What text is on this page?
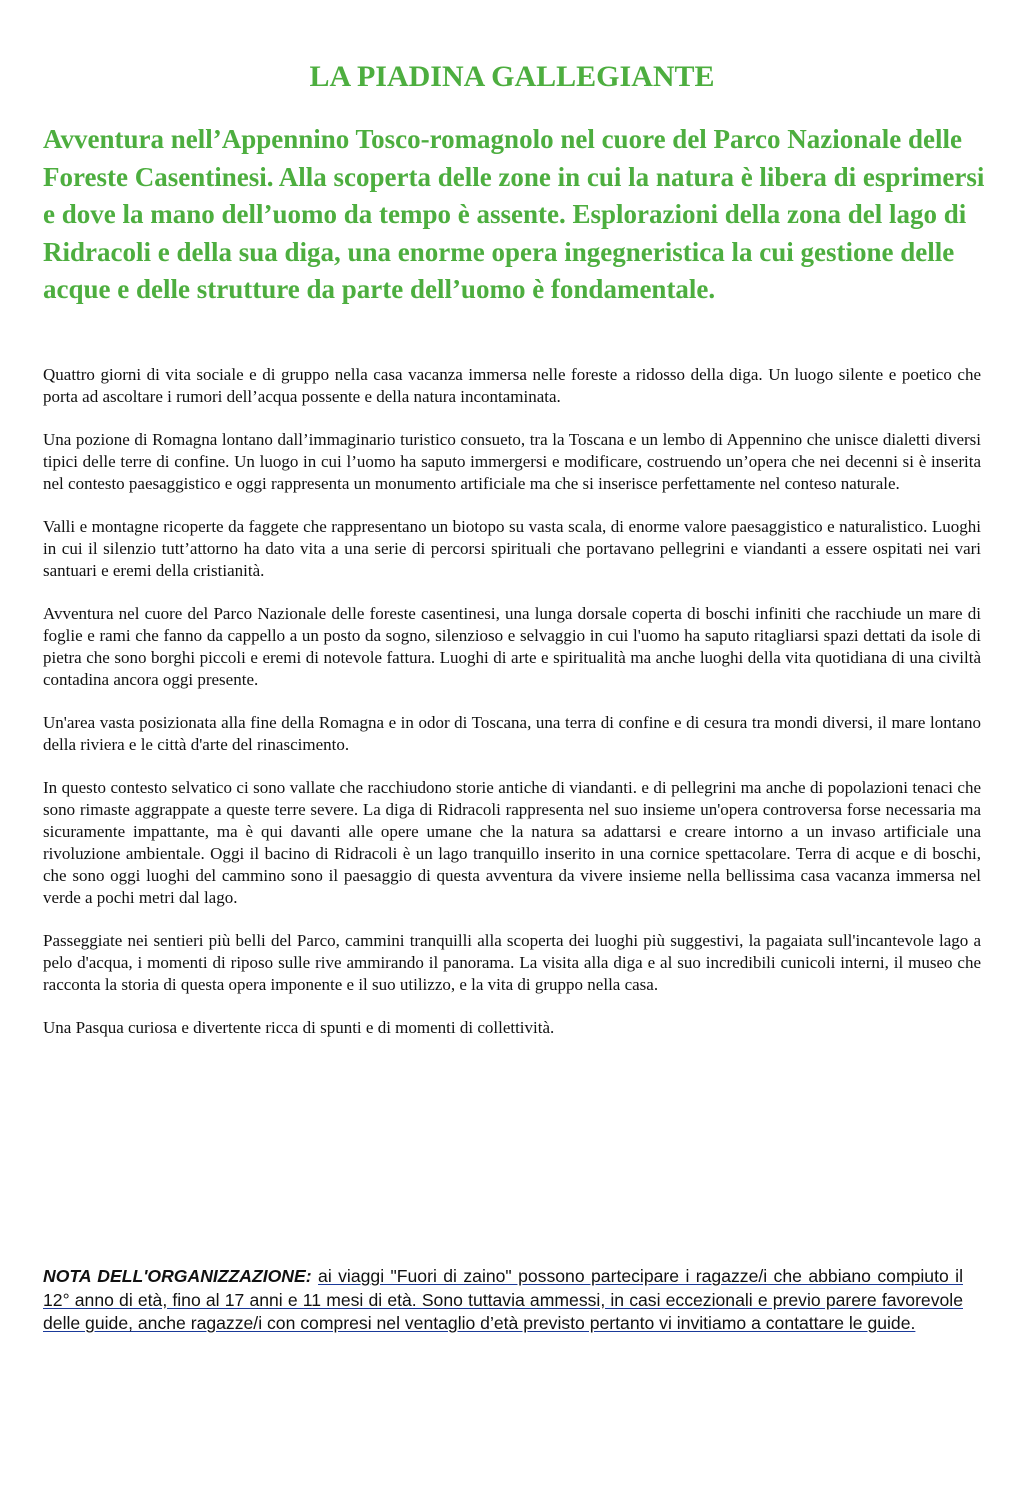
LA PIADINA GALLEGIANTE
Avventura nell’Appennino Tosco-romagnolo nel cuore del Parco Nazionale delle Foreste Casentinesi. Alla scoperta delle zone in cui la natura è libera di esprimersi e dove la mano dell’uomo da tempo è assente. Esplorazioni della zona del lago di Ridracoli e della sua diga, una enorme opera ingegneristica la cui gestione delle acque e delle strutture da parte dell’uomo è fondamentale.

Quattro giorni di vita sociale e di gruppo nella casa vacanza immersa nelle foreste a ridosso della diga. Un luogo silente e poetico che porta ad ascoltare i rumori dell’acqua possente e della natura incontaminata.

Una pozione di Romagna lontano dall’immaginario turistico consueto, tra la Toscana e un lembo di Appennino che unisce dialetti diversi tipici delle terre di confine. Un luogo in cui l’uomo ha saputo immergersi e modificare, costruendo un’opera che nei decenni si è inserita nel contesto paesaggistico e oggi rappresenta un monumento artificiale ma che si inserisce perfettamente nel conteso naturale.

Valli e montagne ricoperte da faggete che rappresentano un biotopo su vasta scala, di enorme valore paesaggistico e naturalistico. Luoghi in cui il silenzio tutt’attorno ha dato vita a una serie di percorsi spirituali che portavano pellegrini e viandanti a essere ospitati nei vari santuari e eremi della cristianità.

Avventura nel cuore del Parco Nazionale delle foreste casentinesi, una lunga dorsale coperta di boschi infiniti che racchiude un mare di foglie e rami che fanno da cappello a un posto da sogno, silenzioso e selvaggio in cui l'uomo ha saputo ritagliarsi spazi dettati da isole di pietra che sono borghi piccoli e eremi di notevole fattura. Luoghi di arte e spiritualità ma anche luoghi della vita quotidiana di una civiltà contadina ancora oggi presente.

Un'area vasta posizionata alla fine della Romagna e in odor di Toscana, una terra di confine e di cesura tra mondi diversi, il mare lontano della riviera e le città d'arte del rinascimento.

In questo contesto selvatico ci sono vallate che racchiudono storie antiche di viandanti. e di pellegrini ma anche di popolazioni tenaci che sono rimaste aggrappate a queste terre severe. La diga di Ridracoli rappresenta nel suo insieme un'opera controversa forse necessaria ma sicuramente impattante, ma è qui davanti alle opere umane che la natura sa adattarsi e creare intorno a un invaso artificiale una rivoluzione ambientale. Oggi il bacino di Ridracoli è un lago tranquillo inserito in una cornice spettacolare. Terra di acque e di boschi, che sono oggi luoghi del cammino sono il paesaggio di questa avventura da vivere insieme nella bellissima casa vacanza immersa nel verde a pochi metri dal lago.

Passeggiate nei sentieri più belli del Parco, cammini tranquilli alla scoperta dei luoghi più suggestivi, la pagaiata sull'incantevole lago a pelo d'acqua, i momenti di riposo sulle rive ammirando il panorama. La visita alla diga e al suo incredibili cunicoli interni, il museo che racconta la storia di questa opera imponente e il suo utilizzo, e la vita di gruppo nella casa.

Una Pasqua curiosa e divertente ricca di spunti e di momenti di collettività.

NOTA DELL'ORGANIZZAZIONE: ai viaggi "Fuori di zaino" possono partecipare i ragazze/i che abbiano compiuto il 12° anno di età, fino al 17 anni e 11 mesi di età. Sono tuttavia ammessi, in casi eccezionali e previo parere favorevole delle guide, anche ragazze/i con compresi nel ventaglio d’età previsto pertanto vi invitiamo a contattare le guide.
